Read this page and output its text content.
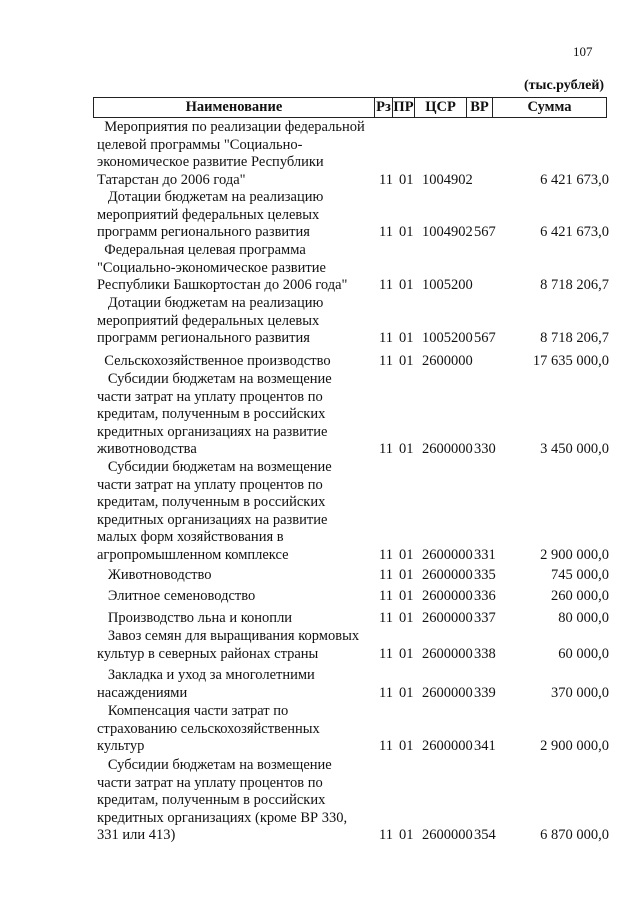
107
(тыс.рублей)
Наименование	Рз ПР ЦСР ВР	Сумма
Мероприятия по реализации федеральной
целевой программы "Социально-
экономическое развитие Республики
Татарстан до 2006 года"	11 01 1004902	6 421 673,0
Дотации бюджетам на реализацию
мероприятий федеральных целевых
программ регионального развития	11 01 1004902 567	6 421 673,0
Федеральная целевая программа
"Социально-экономическое развитие
Республики Башкортостан до 2006 года"	11 01 1005200	8 718 206,7
Дотации бюджетам на реализацию
мероприятий федеральных целевых
программ регионального развития	11 01 1005200 567	8 718 206,7
Сельскохозяйственное производство	11 01 2600000	17 635 000,0
Субсидии бюджетам на возмещение
части затрат на уплату процентов по
кредитам, полученным в российских
кредитных организациях на развитие
животноводства	11 01 2600000 330	3 450 000,0
Субсидии бюджетам на возмещение
части затрат на уплату процентов по
кредитам, полученным в российских
кредитных организациях на развитие
малых форм хозяйствования в
агропромышленном комплексе	11 01 2600000 331	2 900 000,0
Животноводство	11 01 2600000 335	745 000,0
Элитное семеноводство	11 01 2600000 336	260 000,0
Производство льна и конопли	11 01 2600000 337	80 000,0
Завоз семян для выращивания кормовых
культур в северных районах страны	11 01 2600000 338	60 000,0
Закладка и уход за многолетними
насаждениями	11 01 2600000 339	370 000,0
Компенсация части затрат по
страхованию сельскохозяйственных
культур	11 01 2600000 341	2 900 000,0
Субсидии бюджетам на возмещение
части затрат на уплату процентов по
кредитам, полученным в российских
кредитных организациях (кроме ВР 330,
331 или 413)	11 01 2600000 354	6 870 000,0
